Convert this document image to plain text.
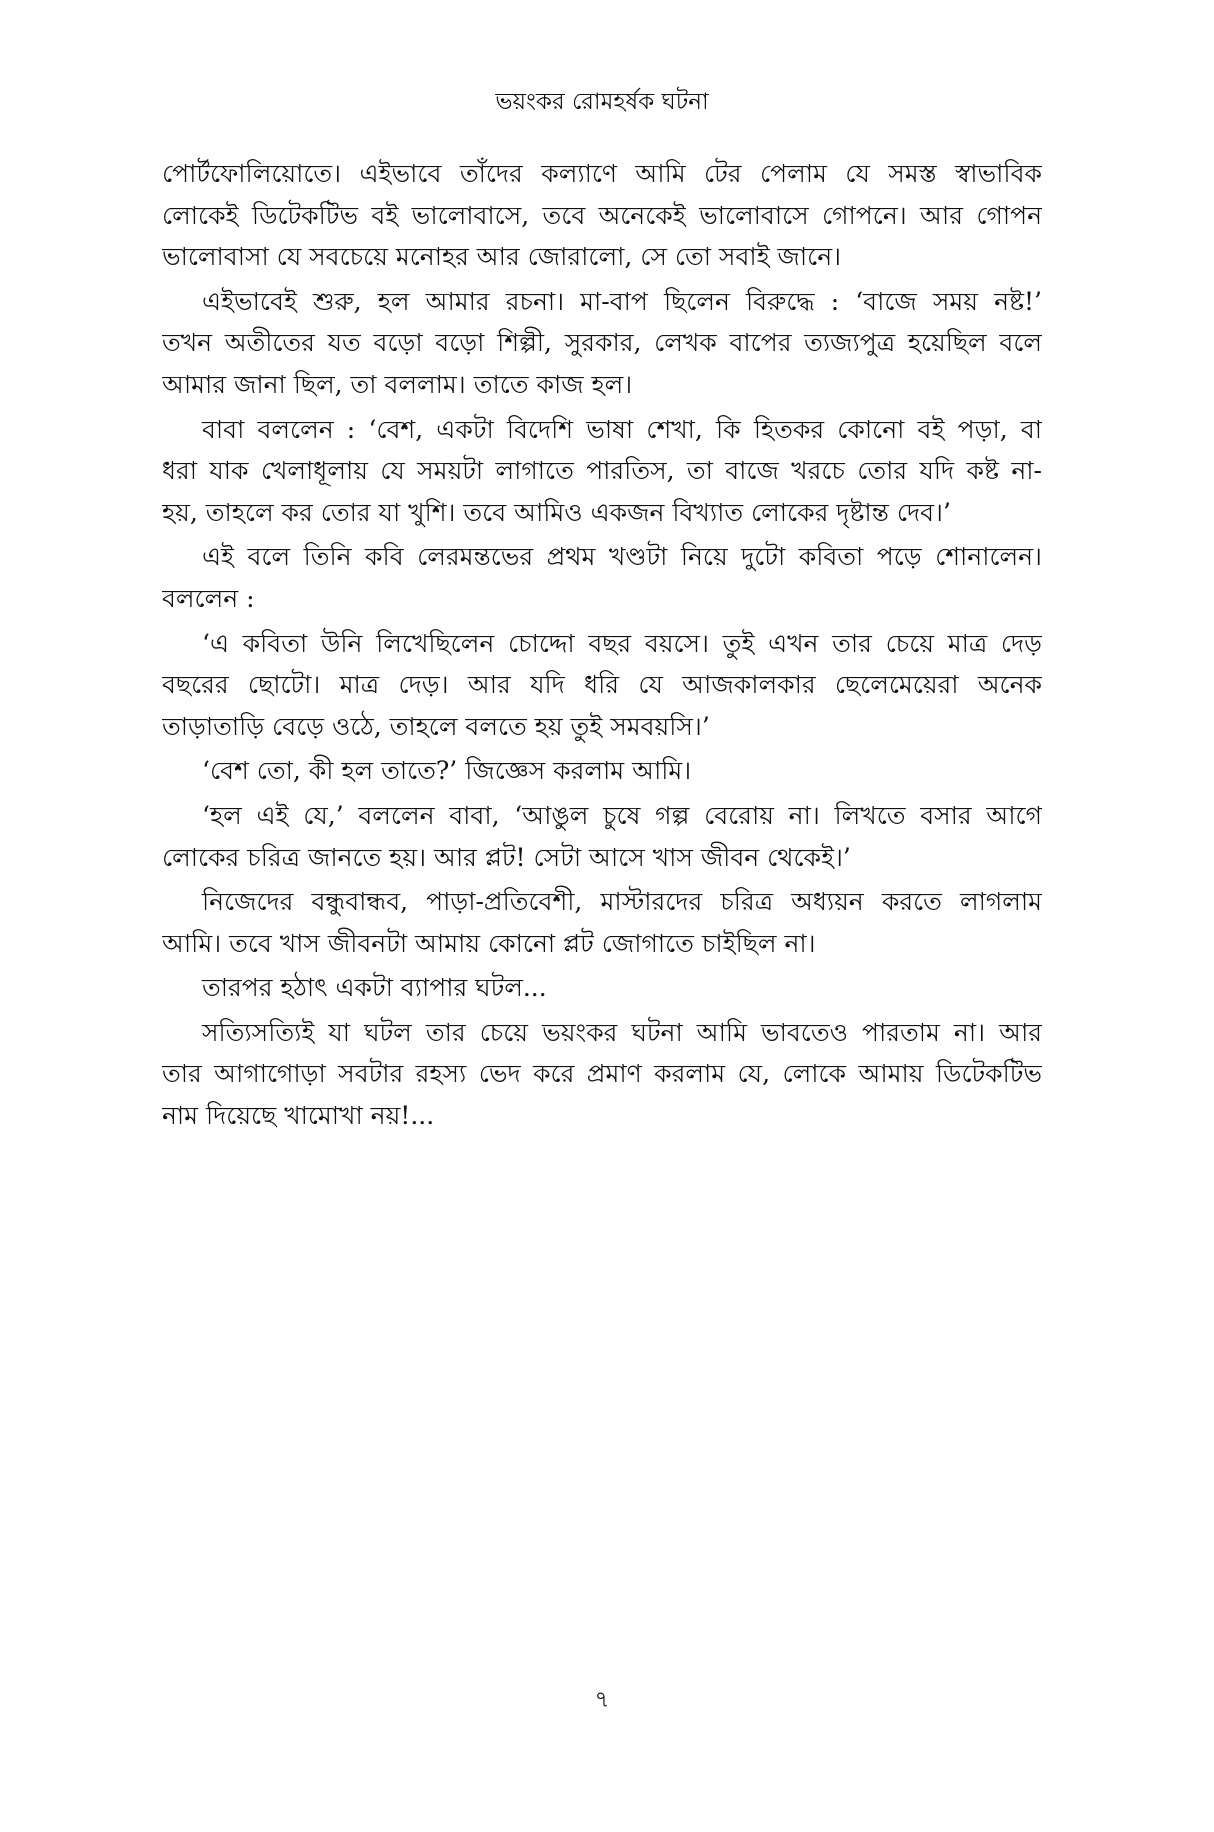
ভয়ংকর রোমহর্ষক ঘটনা
পোর্টফোলিয়োতে। এইভাবে তাঁদের কল্যাণে আমি টের পেলাম যে সমস্ত স্বাভাবিক
লোকেই ডিটেকটিভ বই ভালোবাসে, তবে অনেকেই ভালোবাসে গোপনে। আর গোপন
ভালোবাসা যে সবচেয়ে মনোহর আর জোরালো, সে তো সবাই জানে।
এইভাবেই শুরু, হল আমার রচনা। মা-বাপ ছিলেন বিরুদ্ধে : ‘বাজে সময় নষ্ট!’
তখন অতীতের যত বড়ো বড়ো শিল্পী, সুরকার, লেখক বাপের ত্যজ্যপুত্র হয়েছিল বলে
আমার জানা ছিল, তা বললাম। তাতে কাজ হল।
বাবা বললেন : ‘বেশ, একটা বিদেশি ভাষা শেখা, কি হিতকর কোনো বই পড়া, বা
ধরা যাক খেলাধূলায় যে সময়টা লাগাতে পারতিস, তা বাজে খরচে তোর যদি কষ্ট না-
হয়, তাহলে কর তোর যা খুশি। তবে আমিও একজন বিখ্যাত লোকের দৃষ্টান্ত দেব।’
এই বলে তিনি কবি লেরমন্তভের প্রথম খণ্ডটা নিয়ে দুটো কবিতা পড়ে শোনালেন।
বললেন :
‘এ কবিতা উনি লিখেছিলেন চোদ্দো বছর বয়সে। তুই এখন তার চেয়ে মাত্র দেড়
বছরের ছোটো। মাত্র দেড়। আর যদি ধরি যে আজকালকার ছেলেমেয়েরা অনেক
তাড়াতাড়ি বেড়ে ওঠে, তাহলে বলতে হয় তুই সমবয়সি।’
‘বেশ তো, কী হল তাতে?’ জিজ্ঞেস করলাম আমি।
‘হল এই যে,’ বললেন বাবা, ‘আঙুল চুষে গল্প বেরোয় না। লিখতে বসার আগে
লোকের চরিত্র জানতে হয়। আর প্লট! সেটা আসে খাস জীবন থেকেই।’
নিজেদের বন্ধুবান্ধব, পাড়া-প্রতিবেশী, মাস্টারদের চরিত্র অধ্যয়ন করতে লাগলাম
আমি। তবে খাস জীবনটা আমায় কোনো প্লট জোগাতে চাইছিল না।
তারপর হঠাৎ একটা ব্যাপার ঘটল...
সত্যিসত্যিই যা ঘটল তার চেয়ে ভয়ংকর ঘটনা আমি ভাবতেও পারতাম না। আর
তার আগাগোড়া সবটার রহস্য ভেদ করে প্রমাণ করলাম যে, লোকে আমায় ডিটেকটিভ
নাম দিয়েছে খামোখা নয়!...
৭
